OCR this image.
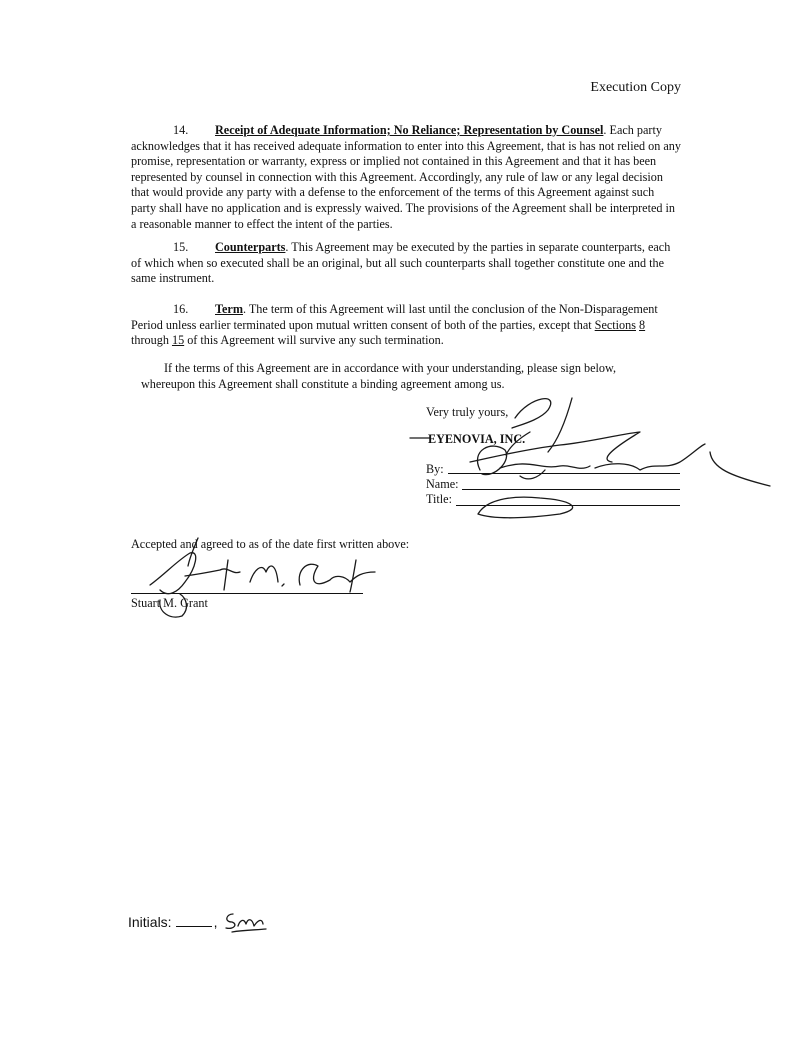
Execution Copy

14. Receipt of Adequate Information; No Reliance; Representation by Counsel. Each party acknowledges that it has received adequate information to enter into this Agreement, that is has not relied on any promise, representation or warranty, express or implied not contained in this Agreement and that it has been represented by counsel in connection with this Agreement. Accordingly, any rule of law or any legal decision that would provide any party with a defense to the enforcement of the terms of this Agreement against such party shall have no application and is expressly waived. The provisions of the Agreement shall be interpreted in a reasonable manner to effect the intent of the parties.

15. Counterparts. This Agreement may be executed by the parties in separate counterparts, each of which when so executed shall be an original, but all such counterparts shall together constitute one and the same instrument.

16. Term. The term of this Agreement will last until the conclusion of the Non-Disparagement Period unless earlier terminated upon mutual written consent of both of the parties, except that Sections 8 through 15 of this Agreement will survive any such termination.

If the terms of this Agreement are in accordance with your understanding, please sign below,
whereupon this Agreement shall constitute a binding agreement among us.
Very truly yours,
EYENOVIA, INC.
By:
Name:
Title:
Accepted and agreed to as of the date first written above:
Stuart M. Grant
Initials:	,
